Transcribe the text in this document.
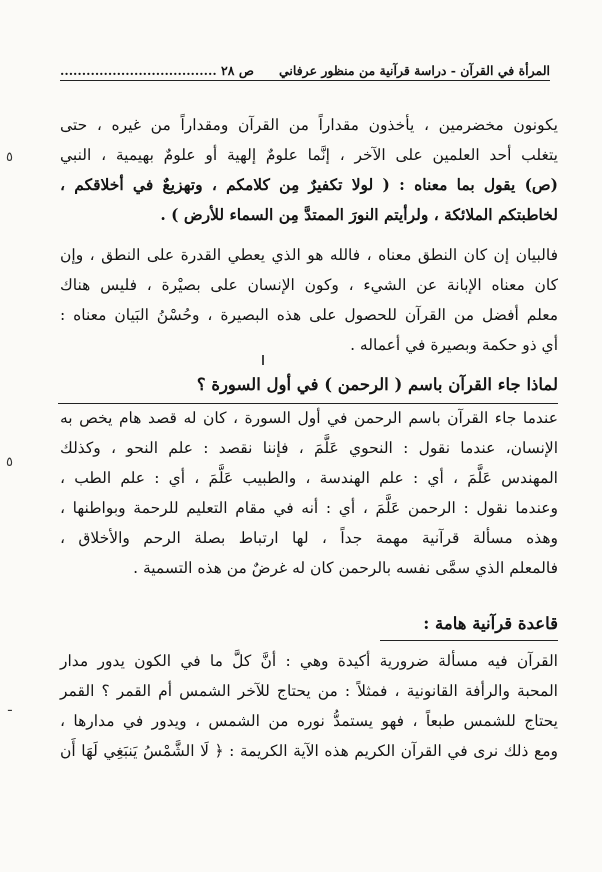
المرأة في القرآن - دراسة قرآنية من منظور عرفاني
ص ٢٨ ....................................
٥
٥
ـ
يكونون مخضرمين ، يأخذون مقداراً من القرآن ومقداراً من غيره ، حتى
يتغلب أحد العلمين على الآخر ، إنَّما علومٌ إلهية أو علومٌ بهيمية ، النبي
(ص) يقول بما معناه : ( لولا تكفيرٌ مِن كلامكم ، وتهزيعٌ في أخلاقكم ،
لخاطبتكم الملائكة ، ولرأيتم النورَ الممتدَّ مِن السماء للأرض ) .
فالبيان إن كان النطق معناه ، فالله هو الذي يعطي القدرة على النطق ، وإن
كان معناه الإبانة عن الشيء ، وكون الإنسان على بصيْرة ، فليس هناك
معلم أفضل من القرآن للحصول على هذه البصيرة ، وحُسْنُ البَيان معناه :
أي ذو حكمة وبصيرة في أعماله .
لماذا جاء القرآن باسم ( الرحمن ) في أول السورة ؟
عندما جاء القرآن باسم الرحمن في أول السورة ، كان له قصد هام يخص به
الإنسان، عندما نقول : النحوي عَلَّمَ ، فإننا نقصد : علم النحو ، وكذلك
المهندس عَلَّمَ ، أي : علم الهندسة ، والطبيب عَلَّمَ ، أي : علم الطب ،
وعندما نقول : الرحمن عَلَّمَ ، أي : أنه في مقام التعليم للرحمة وبواطنها ،
وهذه مسألة قرآنية مهمة جداً ، لها ارتباط بصلة الرحم والأخلاق ،
فالمعلم الذي سمَّى نفسه بالرحمن كان له غرضٌ من هذه التسمية .
قاعدة قرآنية هامة :
القرآن فيه مسألة ضرورية أكيدة وهي : أنَّ كلَّ ما في الكون يدور مدار
المحبة والرأفة القانونية ، فمثلاً : من يحتاج للآخر الشمس أم القمر ؟ القمر
يحتاج للشمس طبعاً ، فهو يستمدُّ نوره من الشمس ، ويدور في مدارها ،
ومع ذلك نرى في القرآن الكريم هذه الآية الكريمة : ﴿ لَا الشَّمْسُ يَنبَغِي لَهَا أَن
